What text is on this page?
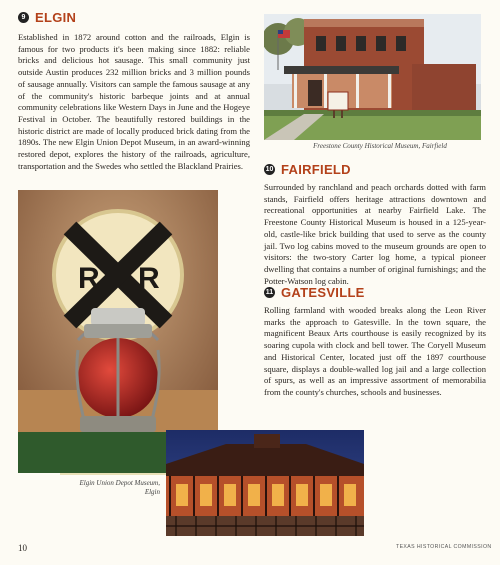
9 ELGIN
Established in 1872 around cotton and the railroads, Elgin is famous for two products it's been making since 1882: reliable bricks and delicious hot sausage. This small community just outside Austin produces 232 million bricks and 3 million pounds of sausage annually. Visitors can sample the famous sausage at any of the community's historic barbeque joints and at annual community celebrations like Western Days in June and the Hogeye Festival in October. The beautifully restored buildings in the historic district are made of locally produced brick dating from the 1890s. The new Elgin Union Depot Museum, in an award-winning restored depot, explores the history of the railroads, agriculture, transportation and the Swedes who settled the Blackland Prairies.
Freestone County Historical Museum, Fairfield
10 FAIRFIELD
Surrounded by ranchland and peach orchards dotted with farm stands, Fairfield offers heritage attractions downtown and recreational opportunities at nearby Fairfield Lake. The Freestone County Historical Museum is housed in a 125-year-old, castle-like brick building that used to serve as the county jail. Two log cabins moved to the museum grounds are open to visitors: the two-story Carter log home, a typical pioneer dwelling that contains a number of original furnishings; and the Potter-Watson log cabin.
11 GATESVILLE
Rolling farmland with wooded breaks along the Leon River marks the approach to Gatesville. In the town square, the magnificent Beaux Arts courthouse is easily recognized by its soaring cupola with clock and bell tower. The Coryell Museum and Historical Center, located just off the 1897 courthouse square, displays a double-walled log jail and a large collection of spurs, as well as an impressive assortment of memorabilia from the county's churches, schools and businesses.
R R
Elgin Union Depot Museum,
Elgin
10	TEXAS HISTORICAL COMMISSION
